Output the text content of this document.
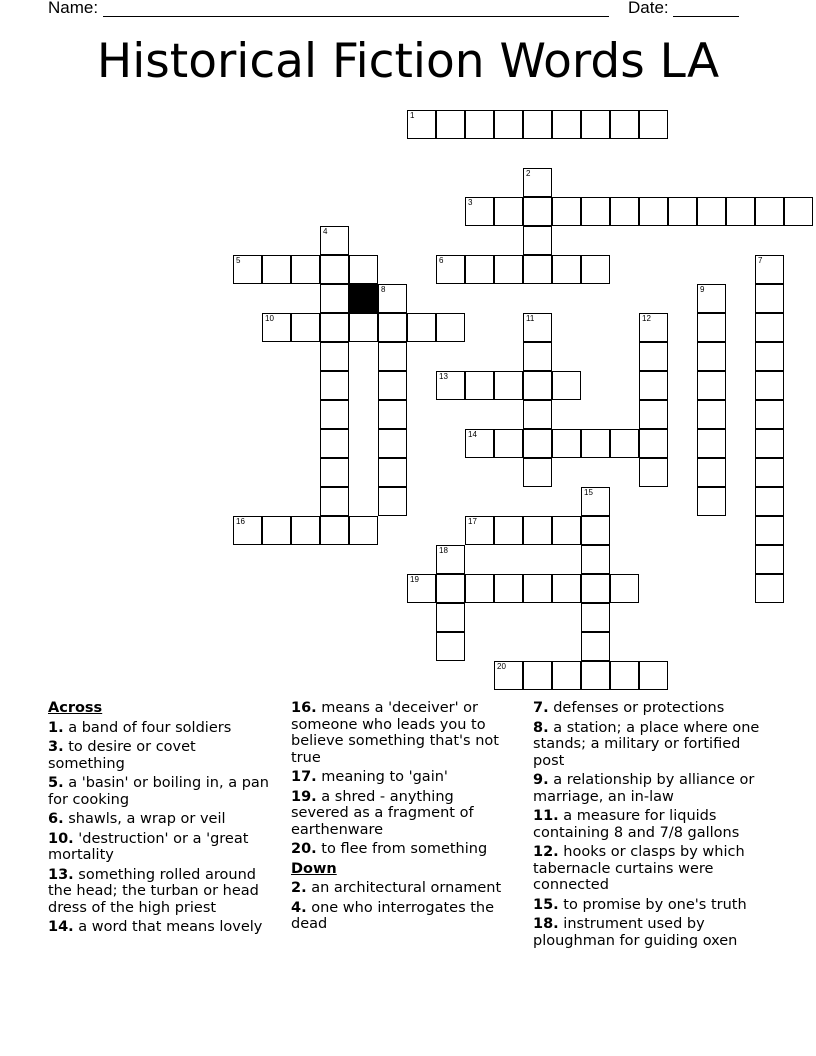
Name:	Date:
Historical Fiction Words LA
1
2
3
4
5	6	7
8	9
10	11	12
13
14
15
16	17
18
19
20
Across
1. a band of four soldiers
3. to desire or covet something
5. a 'basin' or boiling in, a pan for cooking
6. shawls, a wrap or veil
10. 'destruction' or a 'great mortality
13. something rolled around the head; the turban or head dress of the high priest
14. a word that means lovely
16. means a 'deceiver' or someone who leads you to believe something that's not true
17. meaning to 'gain'
19. a shred - anything severed as a fragment of earthenware
20. to flee from something
Down
2. an architectural ornament
4. one who interrogates the dead
7. defenses or protections
8. a station; a place where one stands; a military or fortified post
9. a relationship by alliance or marriage, an in-law
11. a measure for liquids containing 8 and 7/8 gallons
12. hooks or clasps by which tabernacle curtains were connected
15. to promise by one's truth
18. instrument used by ploughman for guiding oxen
